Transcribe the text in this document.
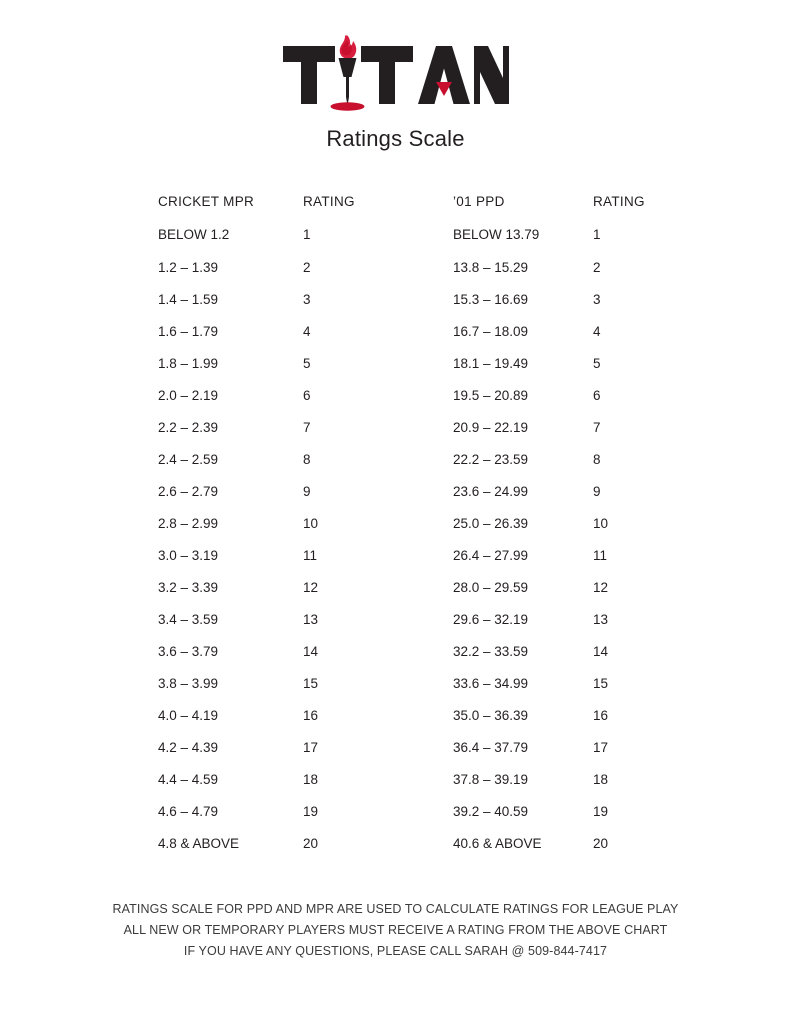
Ratings Scale
CRICKET MPR	RATING	’01 PPD	RATING
BELOW 1.2	1	BELOW 13.79	1
1.2 – 1.39	2	13.8 – 15.29	2
1.4 – 1.59	3	15.3 – 16.69	3
1.6 – 1.79	4	16.7 – 18.09	4
1.8 – 1.99	5	18.1 – 19.49	5
2.0 – 2.19	6	19.5 – 20.89	6
2.2 – 2.39	7	20.9 – 22.19	7
2.4 – 2.59	8	22.2 – 23.59	8
2.6 – 2.79	9	23.6 – 24.99	9
2.8 – 2.99	10	25.0 – 26.39	10
3.0 – 3.19	11	26.4 – 27.99	11
3.2 – 3.39	12	28.0 – 29.59	12
3.4 – 3.59	13	29.6 – 32.19	13
3.6 – 3.79	14	32.2 – 33.59	14
3.8 – 3.99	15	33.6 – 34.99	15
4.0 – 4.19	16	35.0 – 36.39	16
4.2 – 4.39	17	36.4 – 37.79	17
4.4 – 4.59	18	37.8 – 39.19	18
4.6 – 4.79	19	39.2 – 40.59	19
4.8 & ABOVE	20	40.6 & ABOVE	20
RATINGS SCALE FOR PPD AND MPR ARE USED TO CALCULATE RATINGS FOR LEAGUE PLAY
ALL NEW OR TEMPORARY PLAYERS MUST RECEIVE A RATING FROM THE ABOVE CHART
IF YOU HAVE ANY QUESTIONS, PLEASE CALL SARAH @ 509-844-7417
